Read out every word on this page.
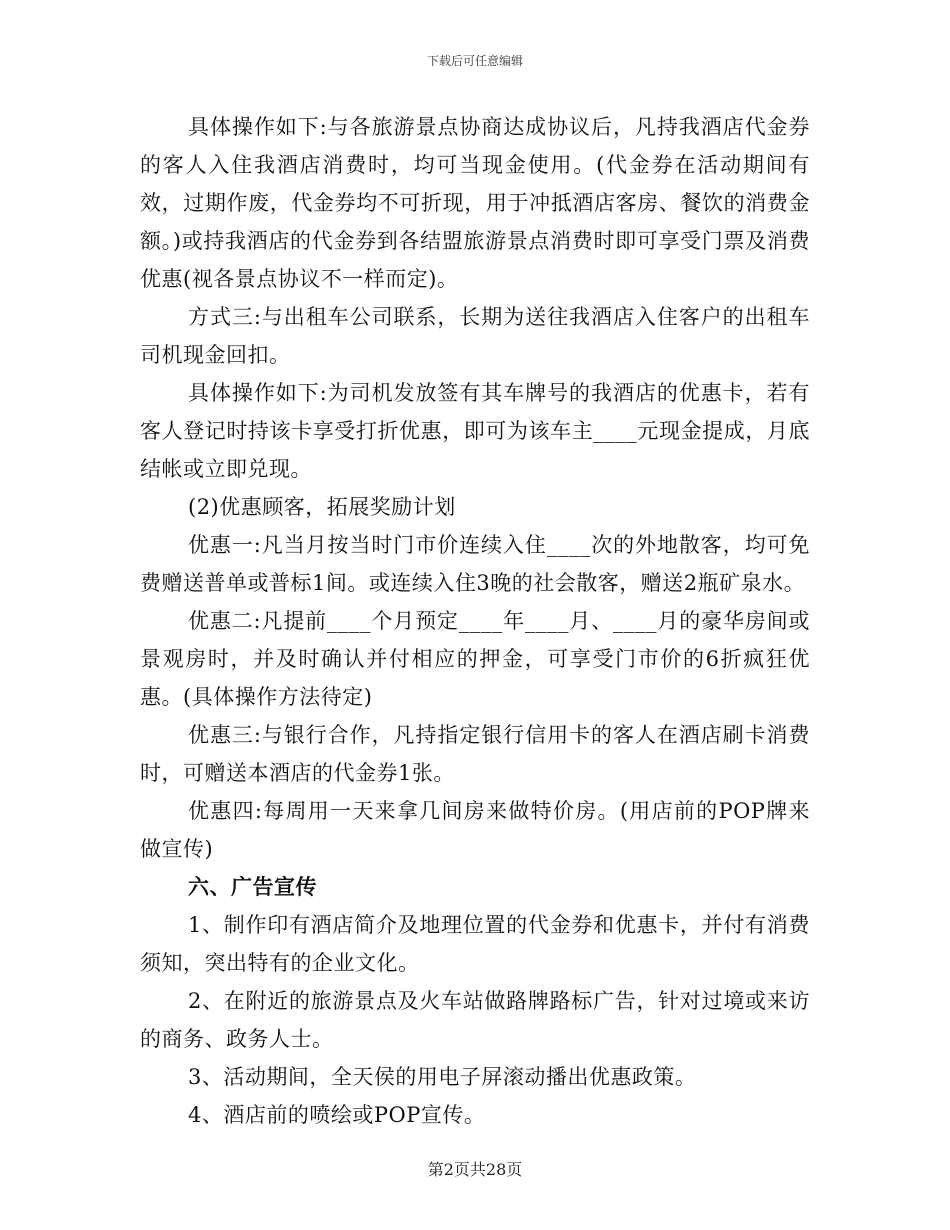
下载后可任意编辑

具体操作如下:与各旅游景点协商达成协议后，凡持我酒店代金券的客人入住我酒店消费时，均可当现金使用。(代金券在活动期间有效，过期作废，代金券均不可折现，用于冲抵酒店客房、餐饮的消费金额。)或持我酒店的代金券到各结盟旅游景点消费时即可享受门票及消费优惠(视各景点协议不一样而定)。

方式三:与出租车公司联系，长期为送往我酒店入住客户的出租车司机现金回扣。

具体操作如下:为司机发放签有其车牌号的我酒店的优惠卡，若有客人登记时持该卡享受打折优惠，即可为该车主____元现金提成，月底结帐或立即兑现。

(2)优惠顾客，拓展奖励计划

优惠一:凡当月按当时门市价连续入住____次的外地散客，均可免费赠送普单或普标1间。或连续入住3晚的社会散客，赠送2瓶矿泉水。

优惠二:凡提前____个月预定____年____月、____月的豪华房间或景观房时，并及时确认并付相应的押金，可享受门市价的6折疯狂优惠。(具体操作方法待定)

优惠三:与银行合作，凡持指定银行信用卡的客人在酒店刷卡消费时，可赠送本酒店的代金券1张。

优惠四:每周用一天来拿几间房来做特价房。(用店前的POP牌来做宣传)

六、广告宣传

1、制作印有酒店简介及地理位置的代金券和优惠卡，并付有消费须知，突出特有的企业文化。

2、在附近的旅游景点及火车站做路牌路标广告，针对过境或来访的商务、政务人士。

3、活动期间，全天侯的用电子屏滚动播出优惠政策。

4、酒店前的喷绘或POP宣传。

第2页共28页
